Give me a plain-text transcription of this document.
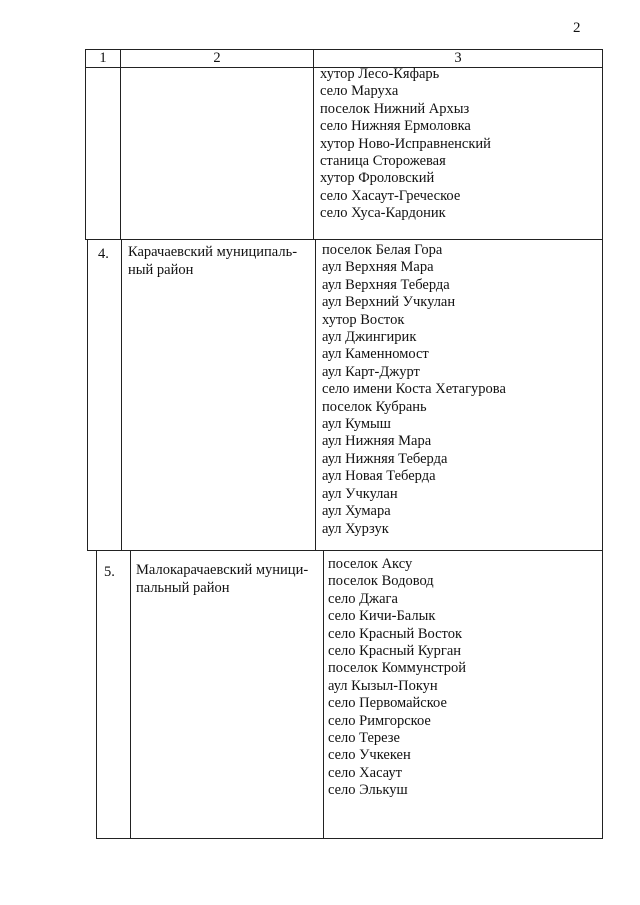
2
1	2	3
хутор Лесо-Кяфарь
село Маруха
поселок Нижний Архыз
село Нижняя Ермоловка
хутор Ново-Исправненский
станица Сторожевая
хутор Фроловский
село Хасаут-Греческое
село Хуса-Кардоник
4. Карачаевский муниципаль-
ный район
поселок Белая Гора
аул Верхняя Мара
аул Верхняя Теберда
аул Верхний Учкулан
хутор Восток
аул Джингирик
аул Каменномост
аул Карт-Джурт
село имени Коста Хетагурова
поселок Кубрань
аул Кумыш
аул Нижняя Мара
аул Нижняя Теберда
аул Новая Теберда
аул Учкулан
аул Хумара
аул Хурзук
5. Малокарачаевский муници-
пальный район
поселок Аксу
поселок Водовод
село Джага
село Кичи-Балык
село Красный Восток
село Красный Курган
поселок Коммунстрой
аул Кызыл-Покун
село Первомайское
село Римгорское
село Терезе
село Учкекен
село Хасаут
село Элькуш
